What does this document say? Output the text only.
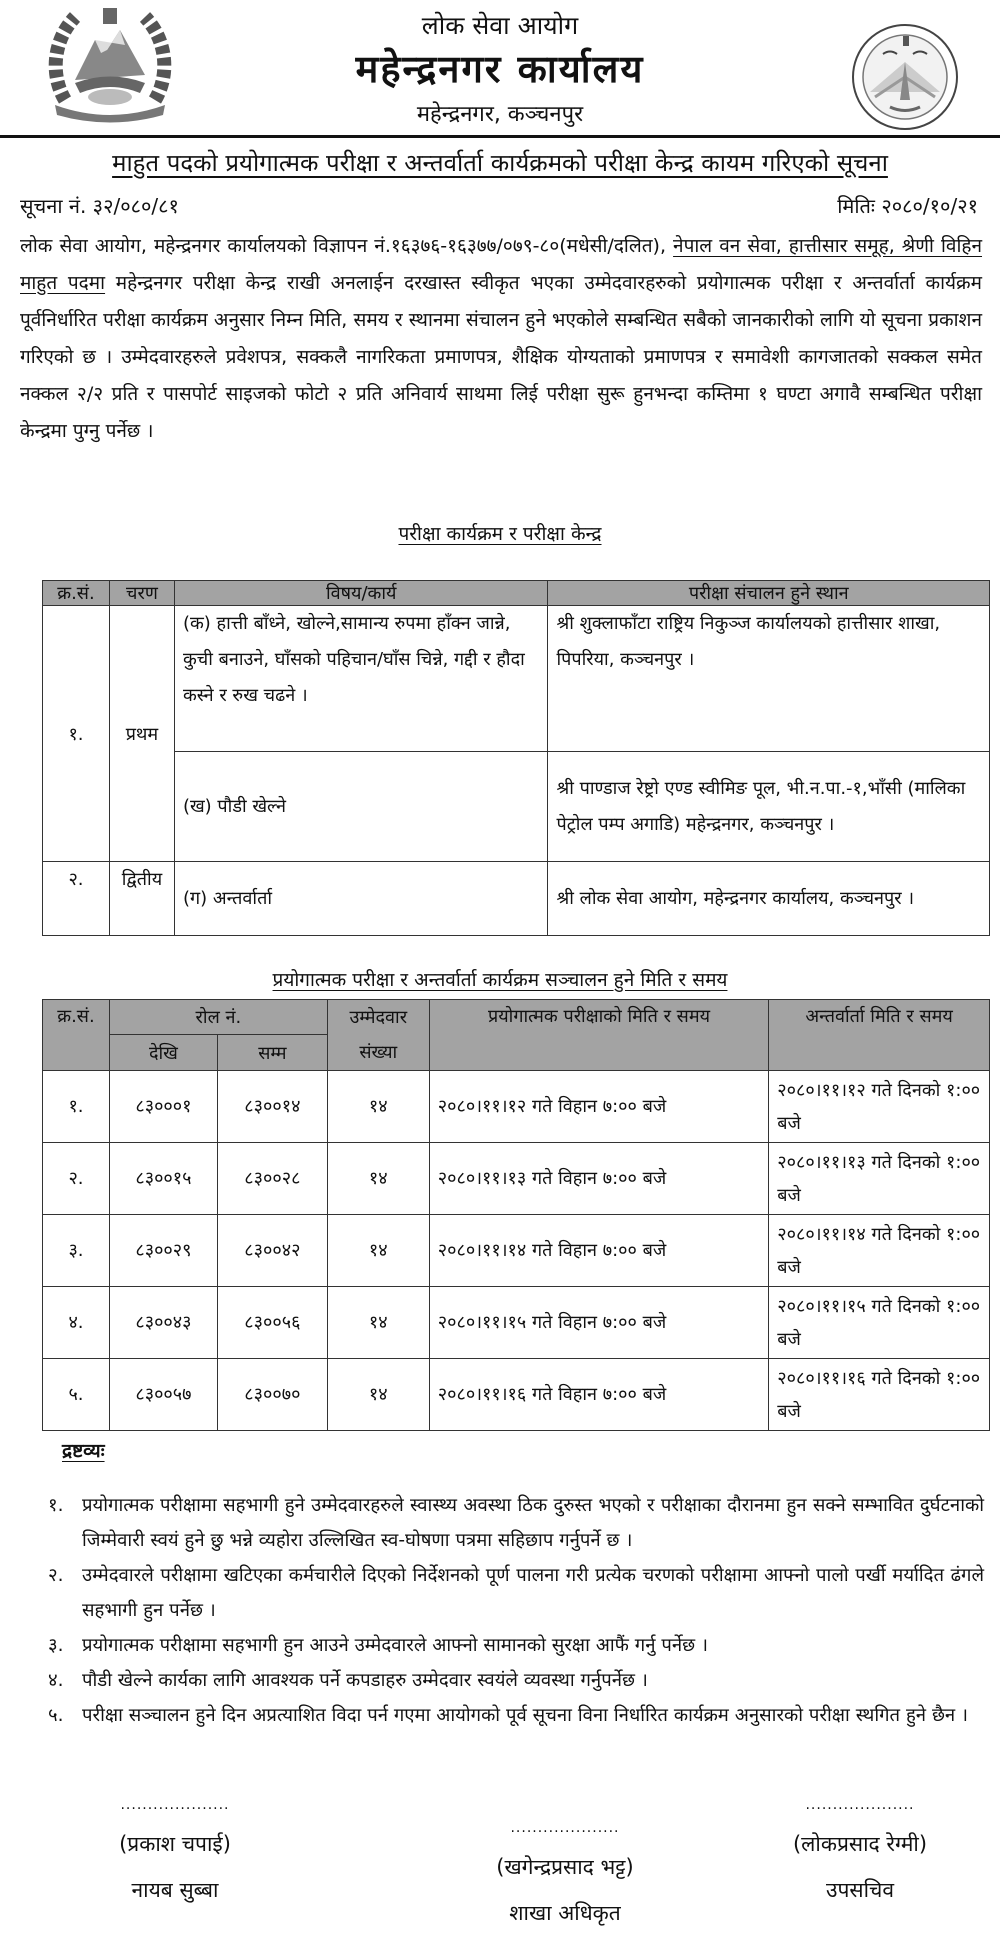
लोक सेवा आयोग
महेन्द्रनगर कार्यालय
महेन्द्रनगर, कञ्चनपुर
माहुत पदको प्रयोगात्मक परीक्षा र अन्तर्वार्ता कार्यक्रमको परीक्षा केन्द्र कायम गरिएको सूचना
सूचना नं. ३२/०८०/८१	मितिः २०८०/१०/२१
लोक सेवा आयोग, महेन्द्रनगर कार्यालयको विज्ञापन नं.१६३७६-१६३७७/०७९-८०(मधेसी/दलित), नेपाल वन सेवा, हात्तीसार समूह, श्रेणी विहिन माहुत पदमा महेन्द्रनगर परीक्षा केन्द्र राखी अनलाईन दरखास्त स्वीकृत भएका उम्मेदवारहरुको प्रयोगात्मक परीक्षा र अन्तर्वार्ता कार्यक्रम पूर्वनिर्धारित परीक्षा कार्यक्रम अनुसार निम्न मिति, समय र स्थानमा संचालन हुने भएकोले सम्बन्धित सबैको जानकारीको लागि यो सूचना प्रकाशन गरिएको छ । उम्मेदवारहरुले प्रवेशपत्र, सक्कलै नागरिकता प्रमाणपत्र, शैक्षिक योग्यताको प्रमाणपत्र र समावेशी कागजातको सक्कल समेत नक्कल २/२ प्रति र पासपोर्ट साइजको फोटो २ प्रति अनिवार्य साथमा लिई परीक्षा सुरू हुनभन्दा कम्तिमा १ घण्टा अगावै सम्बन्धित परीक्षा केन्द्रमा पुग्नु पर्नेछ ।
परीक्षा कार्यक्रम र परीक्षा केन्द्र
क्र.सं.	चरण	विषय/कार्य	परीक्षा संचालन हुने स्थान
१.	प्रथम	(क) हात्ती बाँध्ने, खोल्ने,सामान्य रुपमा हाँक्न जान्ने, कुची बनाउने, घाँसको पहिचान/घाँस चिन्ने, गद्दी र हौदा कस्ने र रुख चढने ।	श्री शुक्लाफाँटा राष्ट्रिय निकुञ्ज कार्यालयको हात्तीसार शाखा, पिपरिया, कञ्चनपुर ।
		(ख) पौडी खेल्ने	श्री पाण्डाज रेष्ट्रो एण्ड स्वीमिङ पूल, भी.न.पा.-१,भाँसी (मालिका पेट्रोल पम्प अगाडि) महेन्द्रनगर, कञ्चनपुर ।
२.	द्वितीय	(ग) अन्तर्वार्ता	श्री लोक सेवा आयोग, महेन्द्रनगर कार्यालय, कञ्चनपुर ।
प्रयोगात्मक परीक्षा र अन्तर्वार्ता कार्यक्रम सञ्चालन हुने मिति र समय
क्र.सं.	रोल नं.		उम्मेदवार	प्रयोगात्मक परीक्षाको मिति र समय	अन्तर्वार्ता मिति र समय
	देखि	सम्म	संख्या		
१.	८३०००१	८३००१४	१४	२०८०।११।१२ गते विहान ७:०० बजे	२०८०।११।१२ गते दिनको १:०० बजे
२.	८३००१५	८३००२८	१४	२०८०।११।१३ गते विहान ७:०० बजे	२०८०।११।१३ गते दिनको १:०० बजे
३.	८३००२९	८३००४२	१४	२०८०।११।१४ गते विहान ७:०० बजे	२०८०।११।१४ गते दिनको १:०० बजे
४.	८३००४३	८३००५६	१४	२०८०।११।१५ गते विहान ७:०० बजे	२०८०।११।१५ गते दिनको १:०० बजे
५.	८३००५७	८३००७०	१४	२०८०।११।१६ गते विहान ७:०० बजे	२०८०।११।१६ गते दिनको १:०० बजे
द्रष्टव्यः
१. प्रयोगात्मक परीक्षामा सहभागी हुने उम्मेदवारहरुले स्वास्थ्य अवस्था ठिक दुरुस्त भएको र परीक्षाका दौरानमा हुन सक्ने सम्भावित दुर्घटनाको जिम्मेवारी स्वयं हुने छु भन्ने व्यहोरा उल्लिखित स्व-घोषणा पत्रमा सहिछाप गर्नुपर्ने छ ।
२. उम्मेदवारले परीक्षामा खटिएका कर्मचारीले दिएको निर्देशनको पूर्ण पालना गरी प्रत्येक चरणको परीक्षामा आफ्नो पालो पर्खी मर्यादित ढंगले सहभागी हुन पर्नेछ ।
३. प्रयोगात्मक परीक्षामा सहभागी हुन आउने उम्मेदवारले आफ्नो सामानको सुरक्षा आफैं गर्नु पर्नेछ ।
४. पौडी खेल्ने कार्यका लागि आवश्यक पर्ने कपडाहरु उम्मेदवार स्वयंले व्यवस्था गर्नुपर्नेछ ।
५. परीक्षा सञ्चालन हुने दिन अप्रत्याशित विदा पर्न गएमा आयोगको पूर्व सूचना विना निर्धारित कार्यक्रम अनुसारको परीक्षा स्थगित हुने छैन ।
....................
(प्रकाश चपाई)
नायब सुब्बा
....................
(खगेन्द्रप्रसाद भट्ट)
शाखा अधिकृत
....................
(लोकप्रसाद रेग्मी)
उपसचिव
